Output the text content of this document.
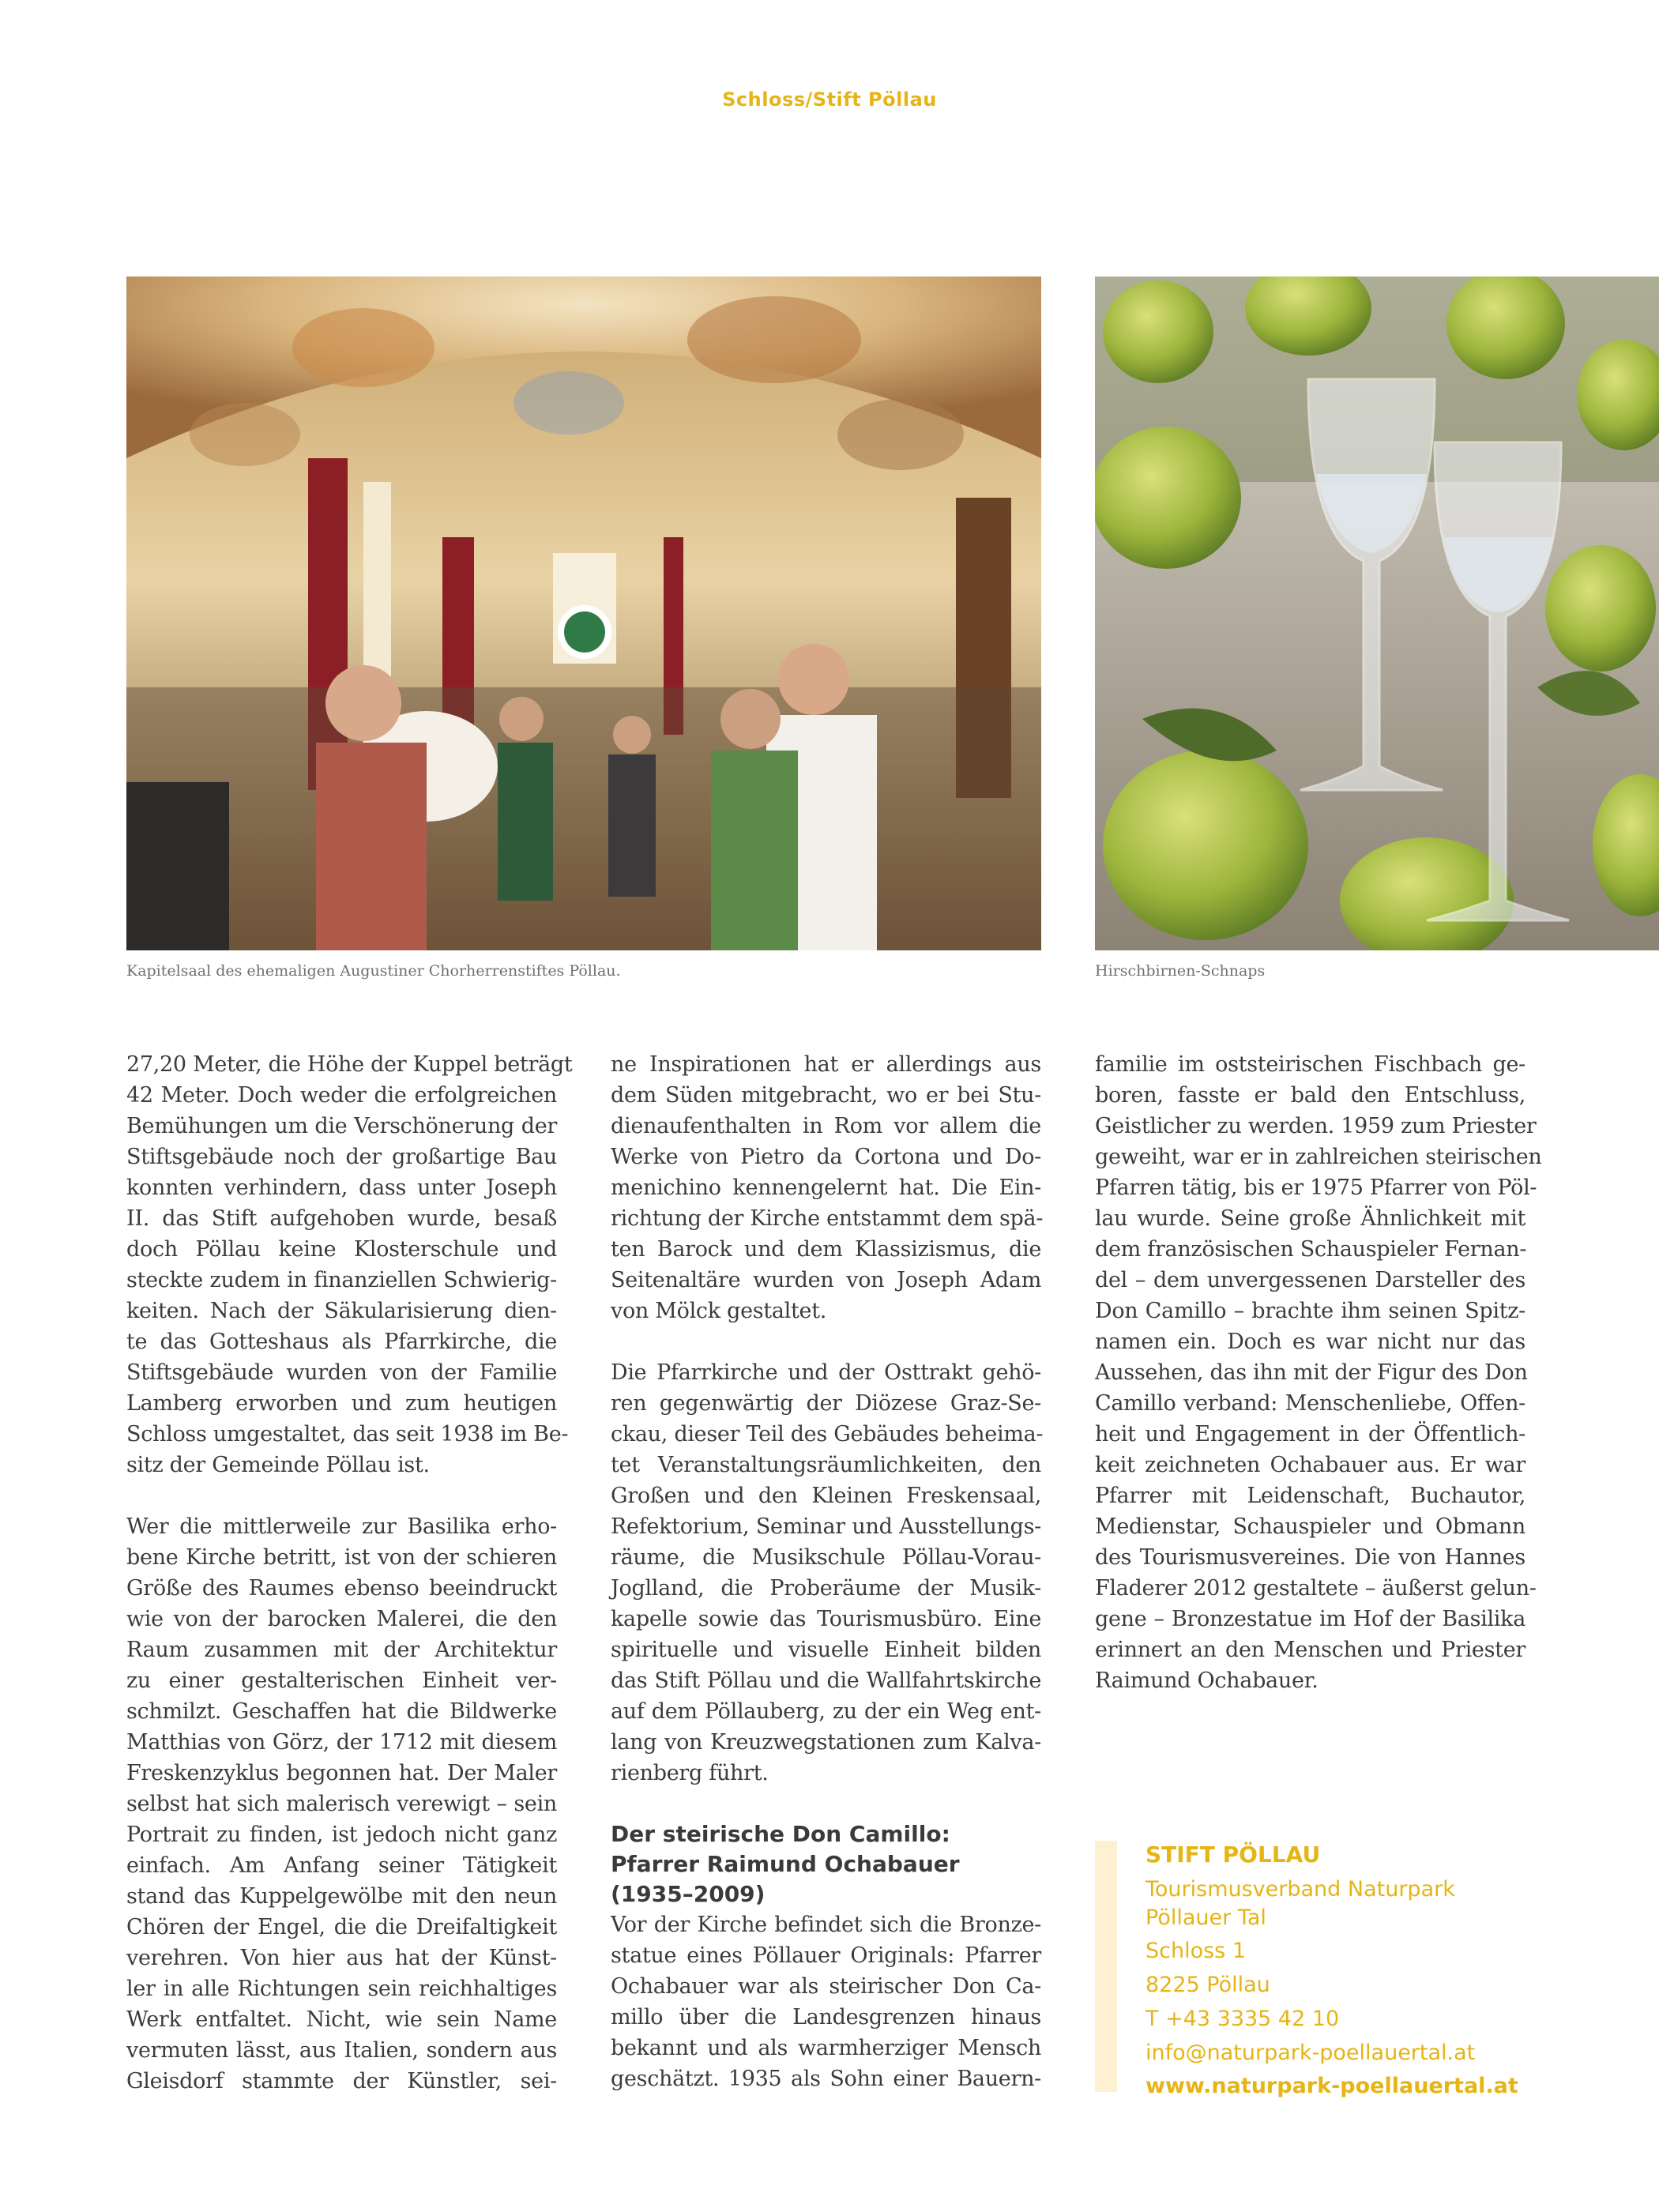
Schloss/Stift Pöllau
Kapitelsaal des ehemaligen Augustiner Chorherrenstiftes Pöllau.	Hirschbirnen-Schnaps
27,20 Meter, die Höhe der Kuppel beträgt
42 Meter. Doch weder die erfolgreichen
Bemühungen um die Verschönerung der
Stiftsgebäude noch der großartige Bau
konnten verhindern, dass unter Joseph
II. das Stift aufgehoben wurde, besaß
doch Pöllau keine Klosterschule und
steckte zudem in finanziellen Schwierig-
keiten. Nach der Säkularisierung dien-
te das Gotteshaus als Pfarrkirche, die
Stiftsgebäude wurden von der Familie
Lamberg erworben und zum heutigen
Schloss umgestaltet, das seit 1938 im Be-
sitz der Gemeinde Pöllau ist.
Wer die mittlerweile zur Basilika erho-
bene Kirche betritt, ist von der schieren
Größe des Raumes ebenso beeindruckt
wie von der barocken Malerei, die den
Raum zusammen mit der Architektur
zu einer gestalterischen Einheit ver-
schmilzt. Geschaffen hat die Bildwerke
Matthias von Görz, der 1712 mit diesem
Freskenzyklus begonnen hat. Der Maler
selbst hat sich malerisch verewigt – sein
Portrait zu finden, ist jedoch nicht ganz
einfach. Am Anfang seiner Tätigkeit
stand das Kuppelgewölbe mit den neun
Chören der Engel, die die Dreifaltigkeit
verehren. Von hier aus hat der Künst-
ler in alle Richtungen sein reichhaltiges
Werk entfaltet. Nicht, wie sein Name
vermuten lässt, aus Italien, sondern aus
Gleisdorf stammte der Künstler, sei-
ne Inspirationen hat er allerdings aus
dem Süden mitgebracht, wo er bei Stu-
dienaufenthalten in Rom vor allem die
Werke von Pietro da Cortona und Do-
menichino kennengelernt hat. Die Ein-
richtung der Kirche entstammt dem spä-
ten Barock und dem Klassizismus, die
Seitenaltäre wurden von Joseph Adam
von Mölck gestaltet.
Die Pfarrkirche und der Osttrakt gehö-
ren gegenwärtig der Diözese Graz-Se-
ckau, dieser Teil des Gebäudes beheima-
tet Veranstaltungsräumlichkeiten, den
Großen und den Kleinen Freskensaal,
Refektorium, Seminar und Ausstellungs-
räume, die Musikschule Pöllau-Vorau-
Joglland, die Proberäume der Musik-
kapelle sowie das Tourismusbüro. Eine
spirituelle und visuelle Einheit bilden
das Stift Pöllau und die Wallfahrtskirche
auf dem Pöllauberg, zu der ein Weg ent-
lang von Kreuzwegstationen zum Kalva-
rienberg führt.
Der steirische Don Camillo:
Pfarrer Raimund Ochabauer
(1935–2009)
Vor der Kirche befindet sich die Bronze-
statue eines Pöllauer Originals: Pfarrer
Ochabauer war als steirischer Don Ca-
millo über die Landesgrenzen hinaus
bekannt und als warmherziger Mensch
geschätzt. 1935 als Sohn einer Bauern-
familie im oststeirischen Fischbach ge-
boren, fasste er bald den Entschluss,
Geistlicher zu werden. 1959 zum Priester
geweiht, war er in zahlreichen steirischen
Pfarren tätig, bis er 1975 Pfarrer von Pöl-
lau wurde. Seine große Ähnlichkeit mit
dem französischen Schauspieler Fernan-
del – dem unvergessenen Darsteller des
Don Camillo – brachte ihm seinen Spitz-
namen ein. Doch es war nicht nur das
Aussehen, das ihn mit der Figur des Don
Camillo verband: Menschenliebe, Offen-
heit und Engagement in der Öffentlich-
keit zeichneten Ochabauer aus. Er war
Pfarrer mit Leidenschaft, Buchautor,
Medienstar, Schauspieler und Obmann
des Tourismusvereines. Die von Hannes
Fladerer 2012 gestaltete – äußerst gelun-
gene – Bronzestatue im Hof der Basilika
erinnert an den Menschen und Priester
Raimund Ochabauer.
STIFT PÖLLAU
Tourismusverband Naturpark
Pöllauer Tal
Schloss 1
8225 Pöllau
T +43 3335 42 10
info@naturpark-poellauertal.at
www.naturpark-poellauertal.at
